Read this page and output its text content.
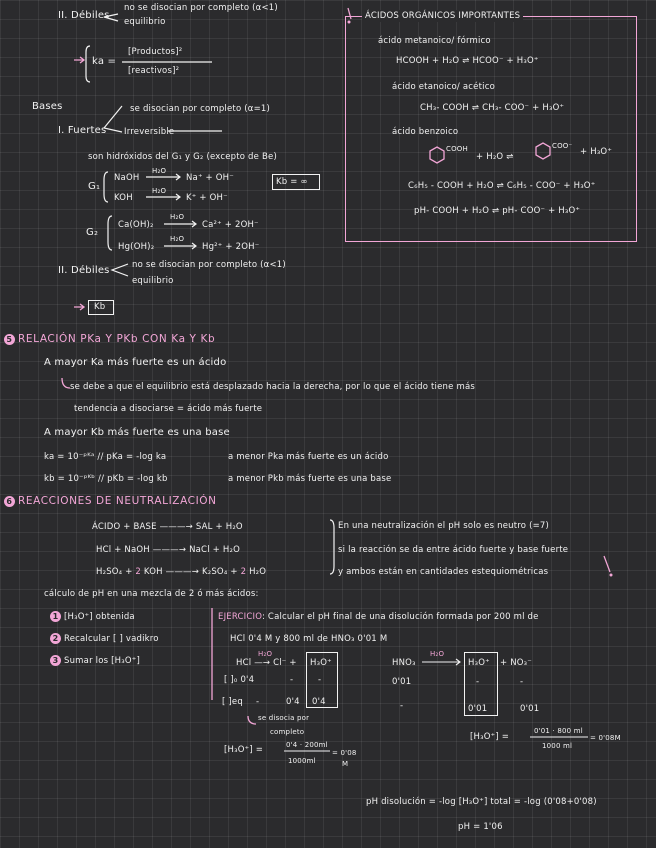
II. Débiles
no se disocian por completo (α<1)
equilibrio
ka =
[Productos]²
[reactivos]²
ÁCIDOS ORGÁNICOS IMPORTANTES
ácido metanoico/ fórmico
HCOOH + H₂O ⇌ HCOO⁻ + H₃O⁺
ácido etanoico/ acético
CH₃- COOH ⇌ CH₃- COO⁻ + H₃O⁺
ácido benzoico
COOH
+ H₂O ⇌
COO⁻
+ H₃O⁺
C₆H₅ - COOH + H₂O ⇌ C₆H₅ - COO⁻ + H₃O⁺
pH- COOH + H₂O ⇌ pH- COO⁻ + H₃O⁺
Bases	se disocian por completo (α=1)
I. Fuertes Irreversible
son hidróxidos del G₁ y G₂ (excepto de Be)
G₁
NaOH
H₂O
Na⁺ + OH⁻
KOH
H₂O
K⁺ + OH⁻
Kb = ∞
G₂
Ca(OH)₂
H₂O
Ca²⁺ + 2OH⁻
Hg(OH)₂
H₂O
Hg²⁺ + 2OH⁻
II. Débiles	no se disocian por completo (α<1)
equilibrio
Kb
5 RELACIÓN PKa Y PKb CON Ka Y Kb
A mayor Ka más fuerte es un ácido
se debe a que el equilibrio está desplazado hacia la derecha, por lo que el ácido tiene más
tendencia a disociarse = ácido más fuerte
A mayor Kb más fuerte es una base
ka = 10⁻ᵖᴷᵃ // pKa = -log ka	a menor Pka más fuerte es un ácido
kb = 10⁻ᵖᴷᵇ // pKb = -log kb	a menor Pkb más fuerte es una base
6 REACCIONES DE NEUTRALIZACIÓN
ÁCIDO + BASE ———→ SAL + H₂O
HCl + NaOH ———→ NaCl + H₂O
H₂SO₄ + 2 KOH ———→ K₂SO₄ + 2 H₂O
En una neutralización el pH solo es neutro (=7)
si la reacción se da entre ácido fuerte y base fuerte
y ambos están en cantidades estequiométricas
cálculo de pH en una mezcla de 2 ó más ácidos:
1 [H₃O⁺] obtenida
2 Recalcular [ ] vadikro
3 Sumar los [H₃O⁺]
EJERCICIO: Calcular el pH final de una disolución formada por 200 ml de
HCl 0'4 M y 800 ml de HNO₃ 0'01 M
H₂O
HCl —→ Cl⁻ + H₃O⁺
[ ]₀ 0'4	-	-
[ ]eq -	0'4 0'4
se disocia por
completo
H₂O
HNO₃	H₃O⁺ + NO₃⁻
0'01	-	-
-	0'01	0'01
[H₃O⁺] =	0'4 · 200ml
1000ml
= 0'08
M
[H₃O⁺] =
0'01 · 800 ml
1000 ml
= 0'08M
pH disolución = -log [H₃O⁺] total = -log (0'08+0'08)
pH = 1'06
